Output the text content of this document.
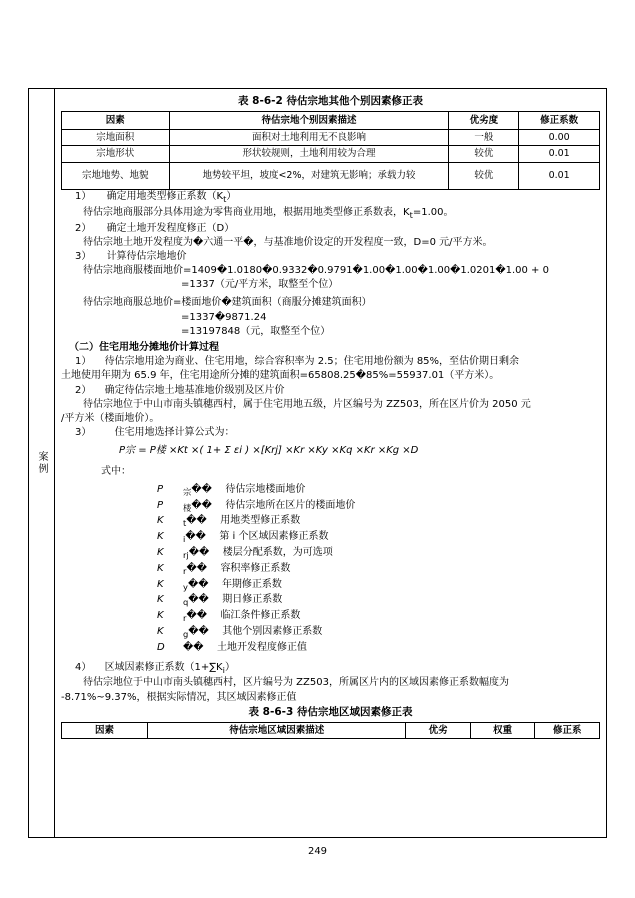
案例
表 8-6-2 待估宗地其他个别因素修正表
因素	待估宗地个别因素描述	优劣度	修正系数
宗地面积	面积对土地利用无不良影响	一般	0.00
宗地形状	形状较规则，土地利用较为合理	较优	0.01
宗地地势、地貌	地势较平坦，坡度<2%，对建筑无影响；承载力较	较优	0.01

1） 确定用地类型修正系数$(K_t)$

待估宗地商服部分具体用途为零售商业用地，根据用地类型修正系数表，$K_t=1.00$。

2） 确定土地开发程度修正（D）

待估宗地土地开发程度为�六通一平�，与基准地价设定的开发程度一致，D=0 元/平方米。

3） 计算待估宗地地价

待估宗地商服楼面地价=1409�1.0180�0.9332�0.9791�1.00�1.00�1.00�1.0201�1.00 + 0

=1337（元/平方米，取整至个位）

待估宗地商服总地价=楼面地价�建筑面积（商服分摊建筑面积）

=1337�9871.24

=13197848（元，取整至个位）

（二）住宅用地分摊地价计算过程

1） 待估宗地用途为商业、住宅用地，综合容积率为 2.5；住宅用地份额为 85%，至估价期日剩余

土地使用年期为 65.9 年，住宅用途所分摊的建筑面积=65808.25�85%=55937.01（平方米）。

2） 确定待估宗地土地基准地价级别及区片价

待估宗地位于中山市南头镇穗西村，属于住宅用地五级，片区编号为 ZZ503，所在区片价为 2050 元

/平方米（楼面地价）。

3） 住宅用地选择计算公式为：

P宗 = P楼 ×Kt ×( 1+ Σ εi ) ×[Krj] ×Kr ×Ky ×Kq ×Kr ×Kg ×D

式中：

P $_宗$�� 待估宗地楼面地价

P $_楼$�� 待估宗地所在区片的楼面地价

K $_t$�� 用地类型修正系数

K $_i$�� 第 i 个区域因素修正系数

K $_{rj}$�� 楼层分配系数，为可选项

K $_r$�� 容积率修正系数

K $_y$�� 年期修正系数

K $_q$�� 期日修正系数

K $_r$�� 临江条件修正系数

K $_g$�� 其他个别因素修正系数

D �� 土地开发程度修正值

4） 区域因素修正系数$(1+\sum K_i)$

待估宗地位于中山市南头镇穗西村，区片编号为 ZZ503，所属区片内的区域因素修正系数幅度为

-8.71%~9.37%，根据实际情况，其区域因素修正值

表 8-6-3 待估宗地区域因素修正表
因素	待估宗地区域因素描述	优劣	权重	修正系
249
